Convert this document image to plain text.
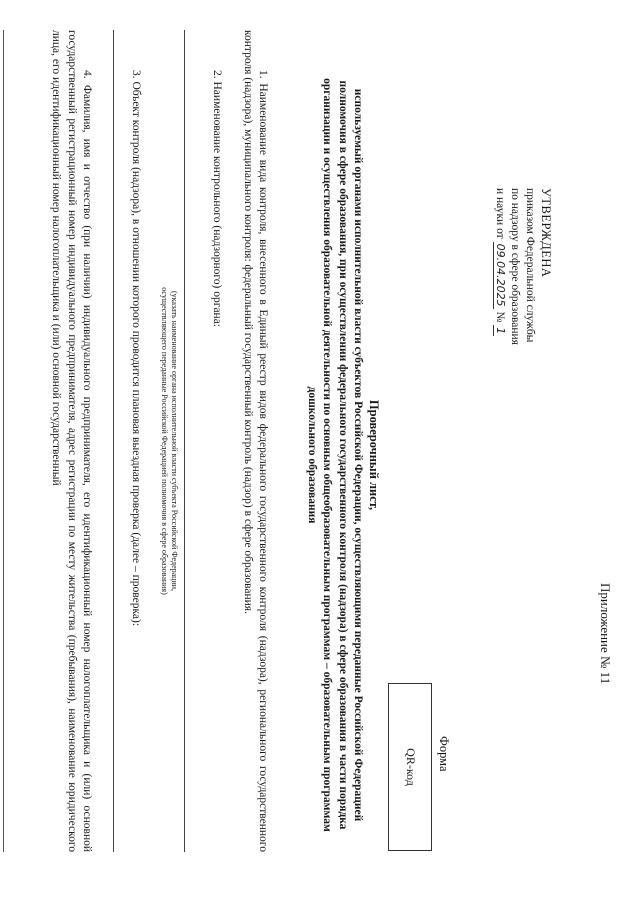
Приложение № 11
УТВЕРЖДЕНА
приказом Федеральной службы
по надзору в сфере образования
и науки от 09.04.2025 № 1
Форма
QR-код
Проверочный лист,
используемый органами исполнительной власти субъектов Российской Федерации, осуществляющими переданные Российской Федерацией полномочия в сфере образования, при осуществлении федерального государственного контроля (надзора) в сфере образования в части порядка организации и осуществления образовательной деятельности по основным общеобразовательным программам – образовательным программам дошкольного образования
1. Наименование вида контроля, внесенного в Единый реестр видов федерального государственного контроля (надзора), регионального государственного контроля (надзора), муниципального контроля: федеральный государственный контроль (надзор) в сфере образования.
2. Наименование контрольного (надзорного) органа:
(указать наименование органа исполнительной власти субъекта Российской Федерации,
осуществляющего переданные Российской Федерацией полномочия в сфере образования)
3. Объект контроля (надзора), в отношении которого проводится плановая выездная проверка (далее – проверка):
4. Фамилия, имя и отчество (при наличии) индивидуального предпринимателя, его идентификационный номер налогоплательщика и (или) основной государственный регистрационный номер индивидуального предпринимателя, адрес регистрации по месту жительства (пребывания), наименование юридического лица, его идентификационный номер налогоплательщика и (или) основной государственный
